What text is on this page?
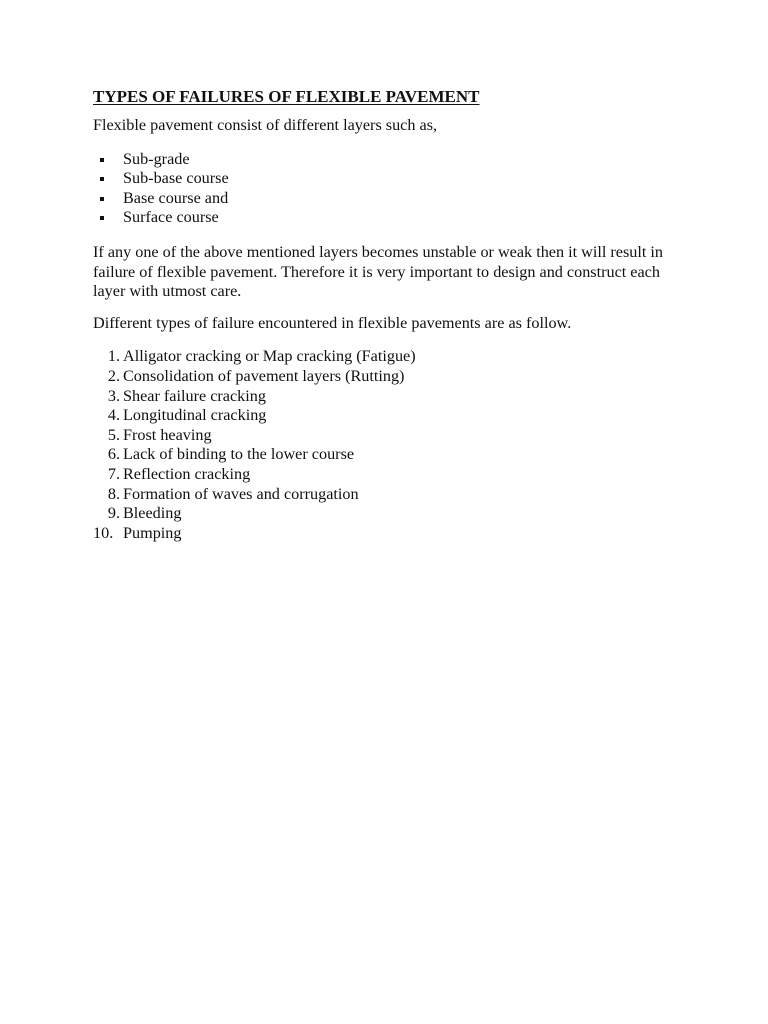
TYPES OF FAILURES OF FLEXIBLE PAVEMENT

Flexible pavement consist of different layers such as,

Sub-grade
Sub-base course
Base course and
Surface course

If any one of the above mentioned layers becomes unstable or weak then it will result in failure of flexible pavement. Therefore it is very important to design and construct each layer with utmost care.

Different types of failure encountered in flexible pavements are as follow.

1. Alligator cracking or Map cracking (Fatigue)
2. Consolidation of pavement layers (Rutting)
3. Shear failure cracking
4. Longitudinal cracking
5. Frost heaving
6. Lack of binding to the lower course
7. Reflection cracking
8. Formation of waves and corrugation
9. Bleeding
10. Pumping
